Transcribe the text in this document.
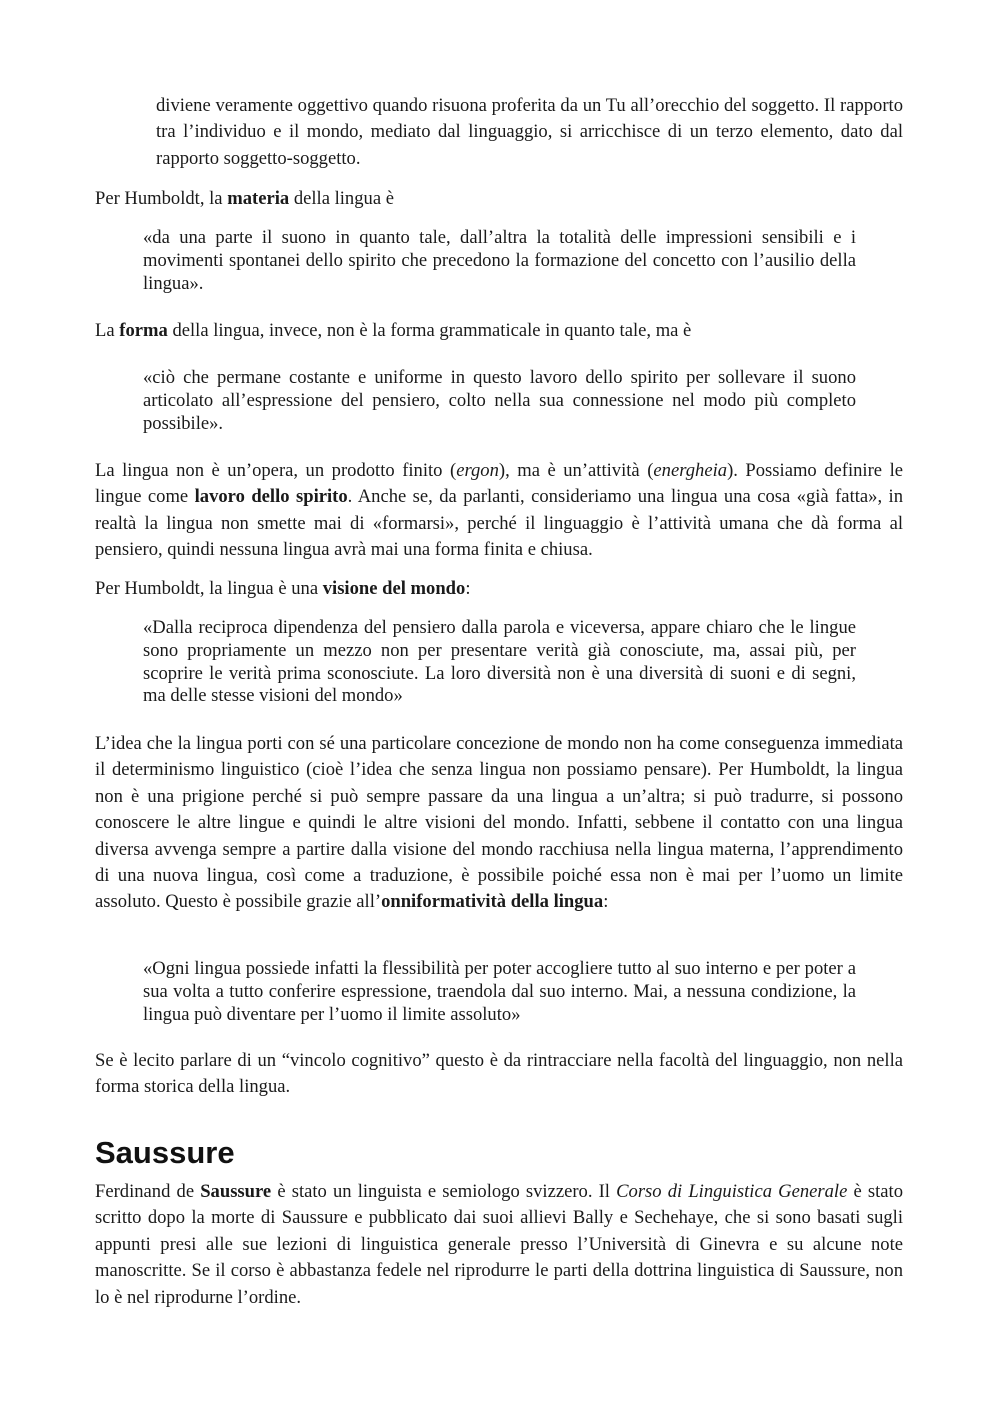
diviene veramente oggettivo quando risuona proferita da un Tu all’orecchio del soggetto. Il rapporto tra l’individuo e il mondo, mediato dal linguaggio, si arricchisce di un terzo elemento, dato dal rapporto soggetto-soggetto.

Per Humboldt, la materia della lingua è

«da una parte il suono in quanto tale, dall’altra la totalità delle impressioni sensibili e i movimenti spontanei dello spirito che precedono la formazione del concetto con l’ausilio della lingua».

La forma della lingua, invece, non è la forma grammaticale in quanto tale, ma è

«ciò che permane costante e uniforme in questo lavoro dello spirito per sollevare il suono articolato all’espressione del pensiero, colto nella sua connessione nel modo più completo possibile».

La lingua non è un’opera, un prodotto finito (ergon), ma è un’attività (energheia). Possiamo definire le lingue come lavoro dello spirito. Anche se, da parlanti, consideriamo una lingua una cosa «già fatta», in realtà la lingua non smette mai di «formarsi», perché il linguaggio è l’attività umana che dà forma al pensiero, quindi nessuna lingua avrà mai una forma finita e chiusa.

Per Humboldt, la lingua è una visione del mondo:

«Dalla reciproca dipendenza del pensiero dalla parola e viceversa, appare chiaro che le lingue sono propriamente un mezzo non per presentare verità già conosciute, ma, assai più, per scoprire le verità prima sconosciute. La loro diversità non è una diversità di suoni e di segni, ma delle stesse visioni del mondo»

L’idea che la lingua porti con sé una particolare concezione de mondo non ha come conseguenza immediata il determinismo linguistico (cioè l’idea che senza lingua non possiamo pensare). Per Humboldt, la lingua non è una prigione perché si può sempre passare da una lingua a un’altra; si può tradurre, si possono conoscere le altre lingue e quindi le altre visioni del mondo. Infatti, sebbene il contatto con una lingua diversa avvenga sempre a partire dalla visione del mondo racchiusa nella lingua materna, l’apprendimento di una nuova lingua, così come a traduzione, è possibile poiché essa non è mai per l’uomo un limite assoluto. Questo è possibile grazie all’onniformatività della lingua:

«Ogni lingua possiede infatti la flessibilità per poter accogliere tutto al suo interno e per poter a sua volta a tutto conferire espressione, traendola dal suo interno. Mai, a nessuna condizione, la lingua può diventare per l’uomo il limite assoluto»

Se è lecito parlare di un “vincolo cognitivo” questo è da rintracciare nella facoltà del linguaggio, non nella forma storica della lingua.

Saussure

Ferdinand de Saussure è stato un linguista e semiologo svizzero. Il Corso di Linguistica Generale è stato scritto dopo la morte di Saussure e pubblicato dai suoi allievi Bally e Sechehaye, che si sono basati sugli appunti presi alle sue lezioni di linguistica generale presso l’Università di Ginevra e su alcune note manoscritte. Se il corso è abbastanza fedele nel riprodurre le parti della dottrina linguistica di Saussure, non lo è nel riprodurne l’ordine.
